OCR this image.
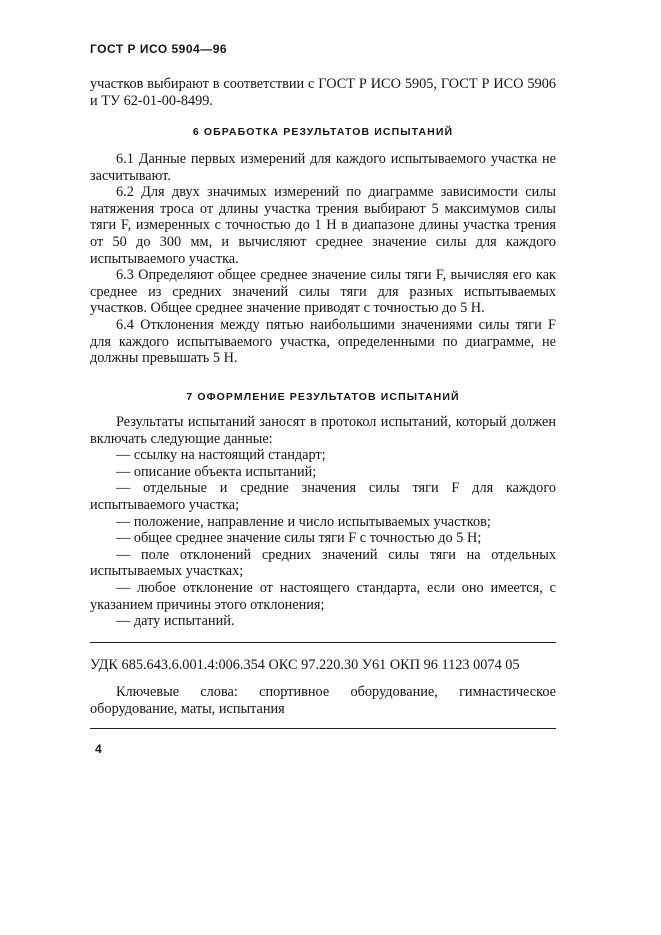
ГОСТ Р ИСО 5904—96

участков выбирают в соответствии с ГОСТ Р ИСО 5905, ГОСТ Р ИСО 5906 и ТУ 62-01-00-8499.

6 ОБРАБОТКА РЕЗУЛЬТАТОВ ИСПЫТАНИЙ

6.1 Данные первых измерений для каждого испытываемого участка не засчитывают.

6.2 Для двух значимых измерений по диаграмме зависимости силы натяжения троса от длины участка трения выбирают 5 максимумов силы тяги F, измеренных с точностью до 1 Н в диапазоне длины участка трения от 50 до 300 мм, и вычисляют среднее значение силы для каждого испытываемого участка.

6.3 Определяют общее среднее значение силы тяги F, вычисляя его как среднее из средних значений силы тяги для разных испытываемых участков. Общее среднее значение приводят с точностью до 5 Н.

6.4 Отклонения между пятью наибольшими значениями силы тяги F для каждого испытываемого участка, определенными по диаграмме, не должны превышать 5 Н.

7 ОФОРМЛЕНИЕ РЕЗУЛЬТАТОВ ИСПЫТАНИЙ

Результаты испытаний заносят в протокол испытаний, который должен включать следующие данные:

— ссылку на настоящий стандарт;

— описание объекта испытаний;

— отдельные и средние значения силы тяги F для каждого испытываемого участка;

— положение, направление и число испытываемых участков;

— общее среднее значение силы тяги F с точностью до 5 Н;

— поле отклонений средних значений силы тяги на отдельных испытываемых участках;

— любое отклонение от настоящего стандарта, если оно имеется, с указанием причины этого отклонения;

— дату испытаний.

УДК 685.643.6.001.4:006.354 ОКС 97.220.30 У61 ОКП 96 1123 0074 05

Ключевые слова: спортивное оборудование, гимнастическое оборудование, маты, испытания

4
